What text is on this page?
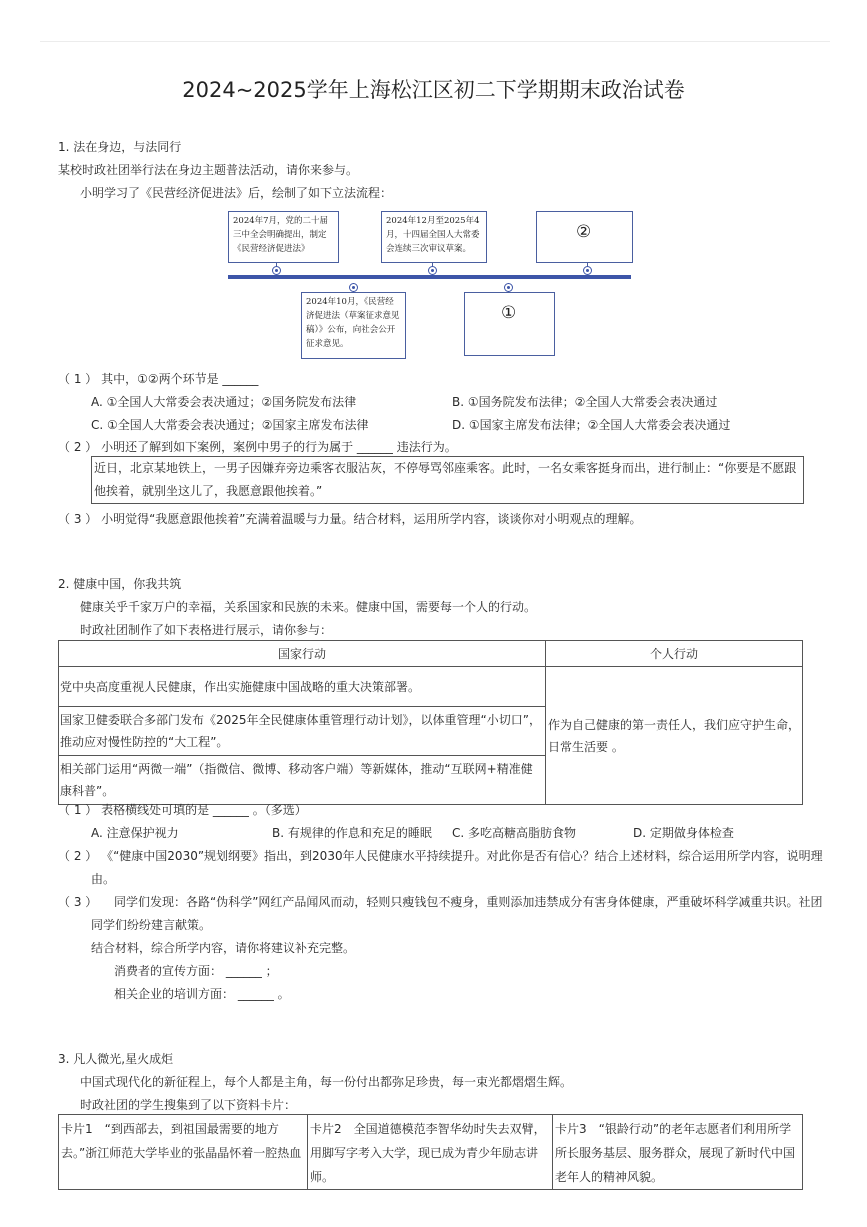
2024~2025学年上海松江区初二下学期期末政治试卷
1. 法在身边，与法同行
某校时政社团举行法在身边主题普法活动，请你来参与。
小明学习了《民营经济促进法》后，绘制了如下立法流程：
2024年7月，党的二十届三中全会明确提出，制定《民营经济促进法》
2024年12月至2025年4月，十四届全国人大常委会连续三次审议草案。
②
2024年10月，《民营经济促进法（草案征求意见稿）》公布，向社会公开征求意见。
①
（ 1 ） 其中，①②两个环节是 ______
A. ①全国人大常委会表决通过；②国务院发布法律	B. ①国务院发布法律；②全国人大常委会表决通过
C. ①全国人大常委会表决通过；②国家主席发布法律	D. ①国家主席发布法律；②全国人大常委会表决通过
（ 2 ） 小明还了解到如下案例，案例中男子的行为属于 ______ 违法行为。
近日，北京某地铁上，一男子因嫌弃旁边乘客衣服沾灰，不停辱骂邻座乘客。此时，一名女乘客挺身而出，进行制止：“你要是不愿跟他挨着，就别坐这儿了，我愿意跟他挨着。”
（ 3 ） 小明觉得“我愿意跟他挨着”充满着温暖与力量。结合材料，运用所学内容，谈谈你对小明观点的理解。
2. 健康中国，你我共筑
健康关乎千家万户的幸福，关系国家和民族的未来。健康中国，需要每一个人的行动。
时政社团制作了如下表格进行展示，请你参与：
国家行动	个人行动

党中央高度重视人民健康，作出实施健康中国战略的重大决策部署。	作为自己健康的第一责任人，我们应守护生命，日常生活要 。

国家卫健委联合多部门发布《2025年全民健康体重管理行动计划》，以体重管理“小切口”，推动应对慢性防控的“大工程”。	

相关部门运用“两微一端”（指微信、微博、移动客户端）等新媒体，推动“互联网+精准健康科普”。	
（ 1 ） 表格横线处可填的是 ______ 。（多选）
A. 注意保护视力	B. 有规律的作息和充足的睡眠 C. 多吃高糖高脂肪食物	D. 定期做身体检查
（ 2 ） 《“健康中国2030”规划纲要》指出，到2030年人民健康水平持续提升。对此你是否有信心？结合上述材料，综合运用所学内容，说明理
由。
（ 3 ） 同学们发现：各路“伪科学”网红产品闻风而动，轻则只瘦钱包不瘦身，重则添加违禁成分有害身体健康，严重破坏科学减重共识。社团
同学们纷纷建言献策。
结合材料，综合所学内容，请你将建议补充完整。
消费者的宣传方面： ______ ；
相关企业的培训方面： ______ 。
3. 凡人微光,星火成炬
中国式现代化的新征程上，每个人都是主角，每一份付出都弥足珍贵，每一束光都熠熠生辉。
时政社团的学生搜集到了以下资料卡片：
卡片1　“到西部去，到祖国最需要的地方去。”浙江师范大学毕业的张晶晶怀着一腔热血	卡片2　全国道德模范李智华幼时失去双臂，用脚写字考入大学，现已成为青少年励志讲师。	卡片3　“银龄行动”的老年志愿者们利用所学所长服务基层、服务群众，展现了新时代中国老年人的精神风貌。
